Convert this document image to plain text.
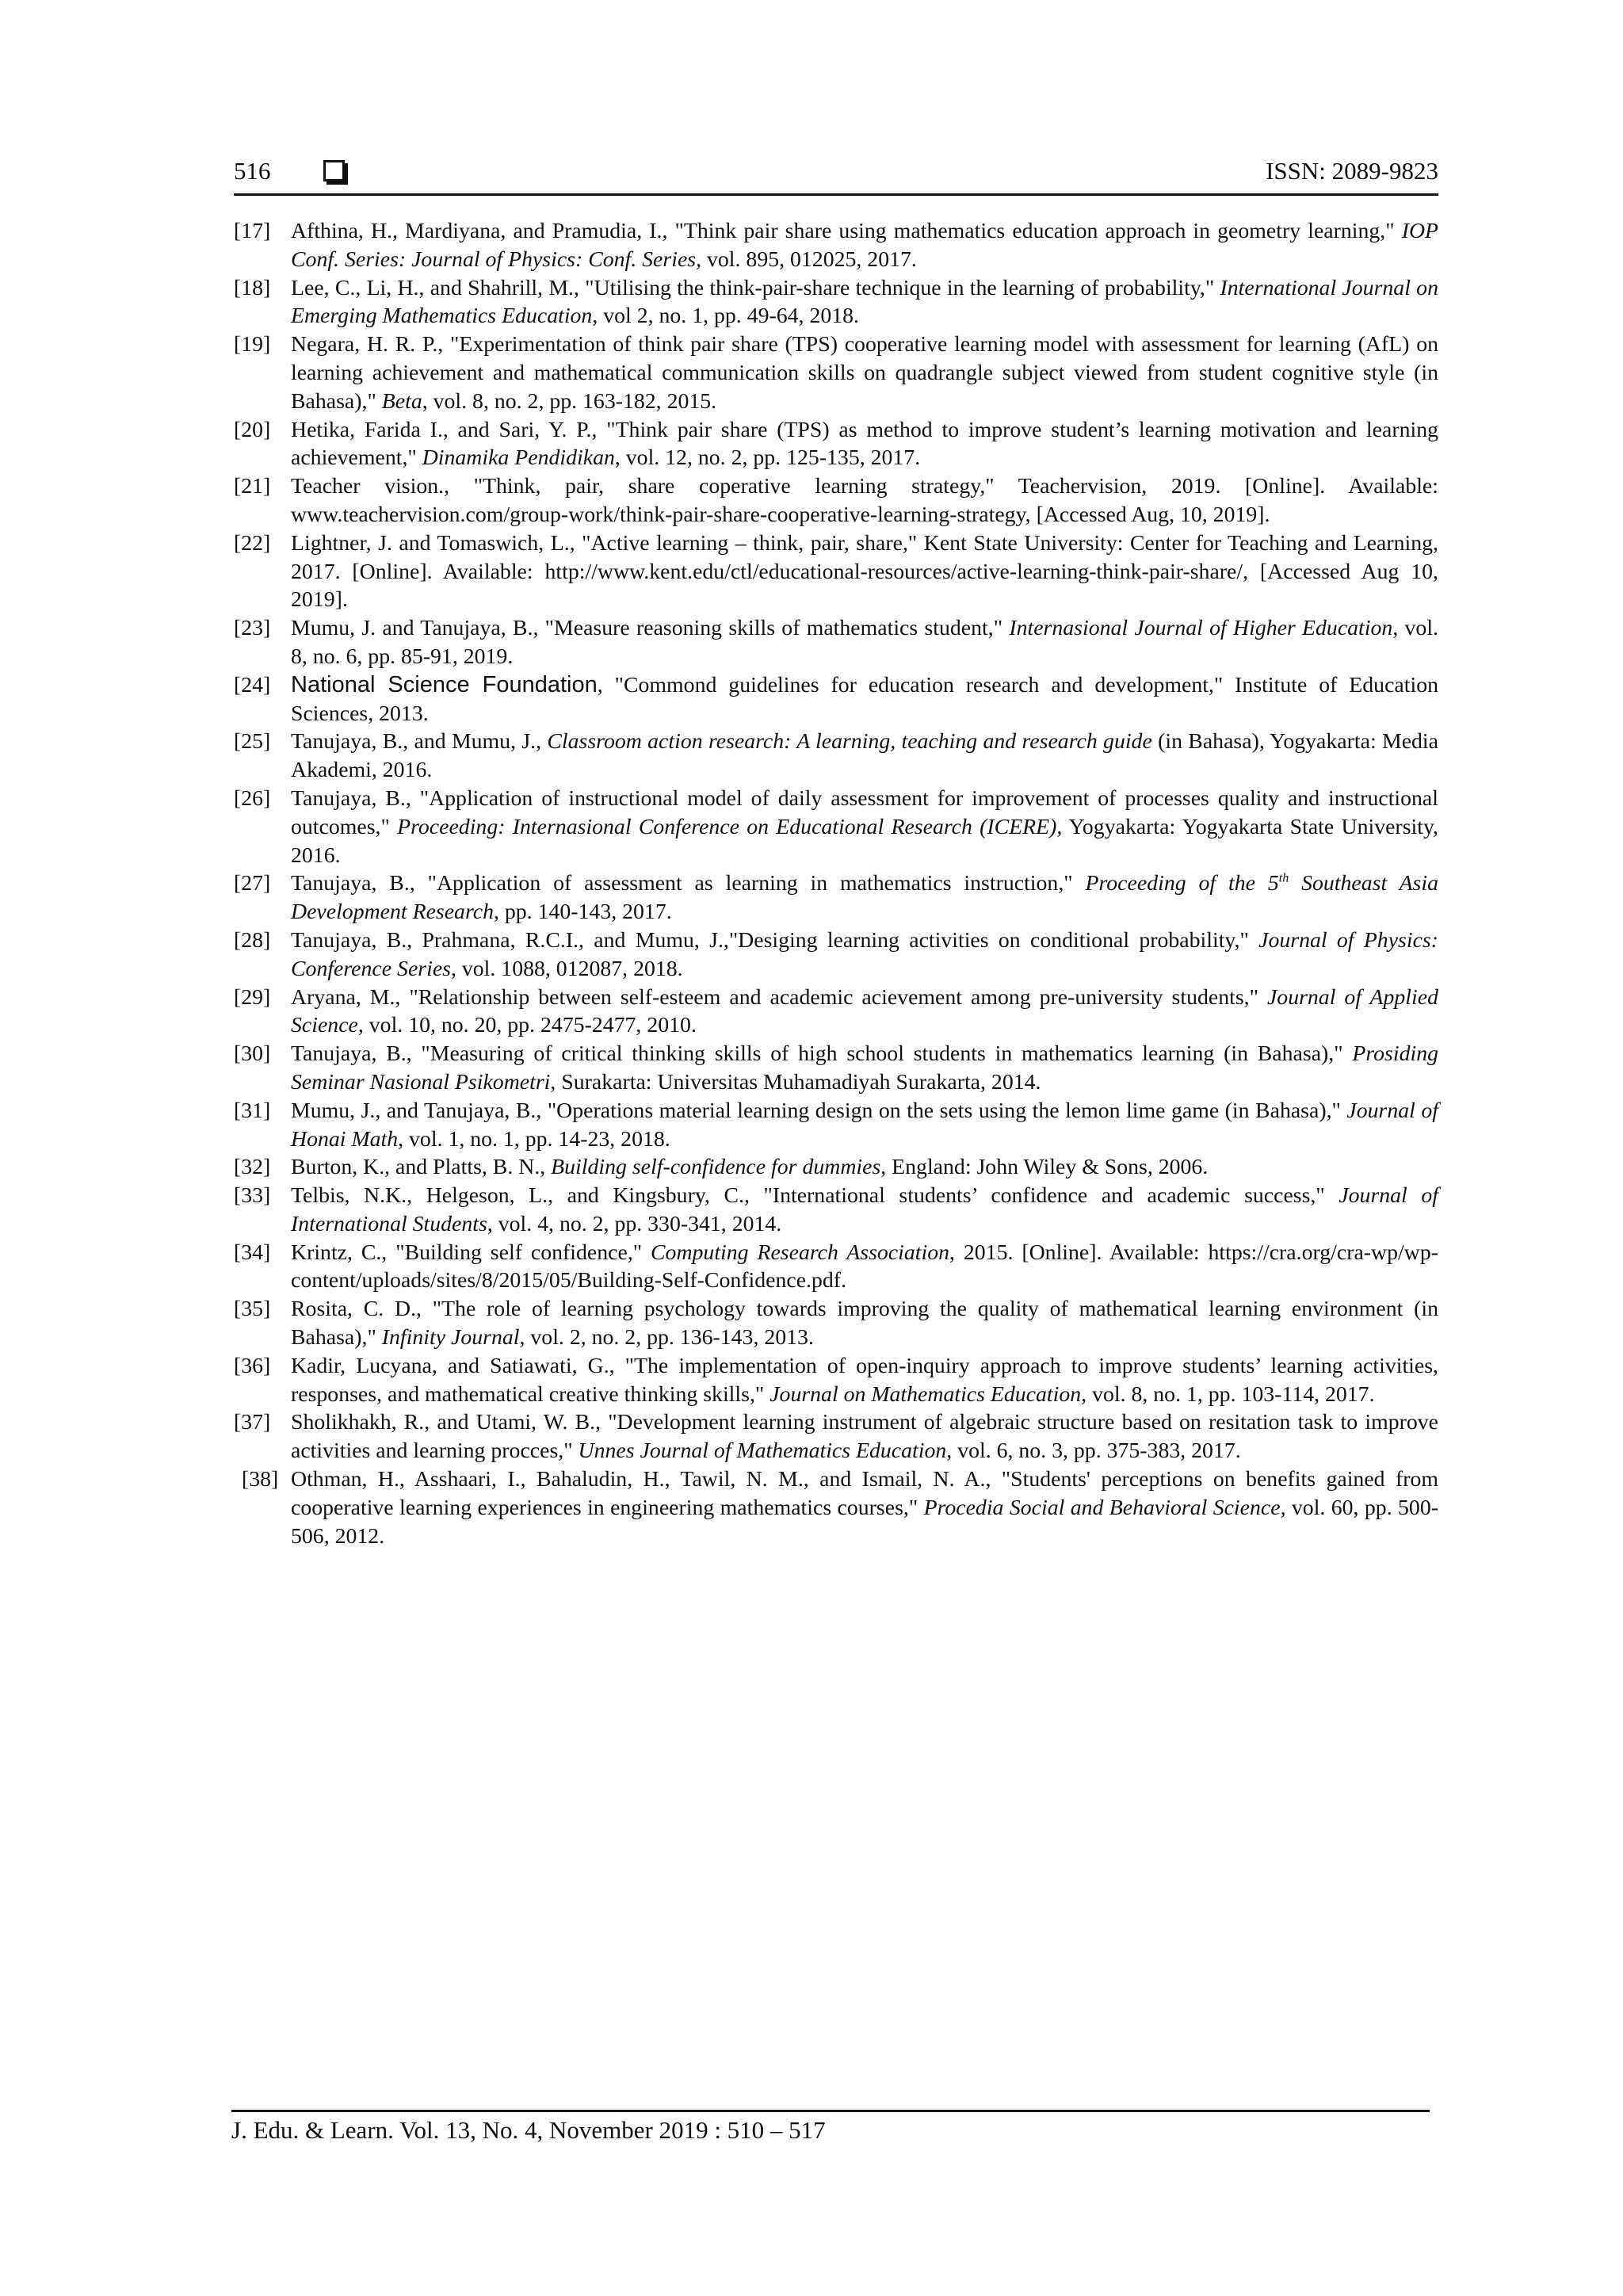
516	ISSN: 2089-9823
[17] Afthina, H., Mardiyana, and Pramudia, I., "Think pair share using mathematics education approach in geometry learning," IOP Conf. Series: Journal of Physics: Conf. Series, vol. 895, 012025, 2017.
[18] Lee, C., Li, H., and Shahrill, M., "Utilising the think-pair-share technique in the learning of probability," International Journal on Emerging Mathematics Education, vol 2, no. 1, pp. 49-64, 2018.
[19] Negara, H. R. P., "Experimentation of think pair share (TPS) cooperative learning model with assessment for learning (AfL) on learning achievement and mathematical communication skills on quadrangle subject viewed from student cognitive style (in Bahasa)," Beta, vol. 8, no. 2, pp. 163-182, 2015.
[20] Hetika, Farida I., and Sari, Y. P., "Think pair share (TPS) as method to improve student’s learning motivation and learning achievement," Dinamika Pendidikan, vol. 12, no. 2, pp. 125-135, 2017.
[21] Teacher vision., "Think, pair, share coperative learning strategy," Teachervision, 2019. [Online]. Available: www.teachervision.com/group-work/think-pair-share-cooperative-learning-strategy, [Accessed Aug, 10, 2019].
[22] Lightner, J. and Tomaswich, L., "Active learning – think, pair, share," Kent State University: Center for Teaching and Learning, 2017. [Online]. Available: http://www.kent.edu/ctl/educational-resources/active-learning-think-pair-share/, [Accessed Aug 10, 2019].
[23] Mumu, J. and Tanujaya, B., "Measure reasoning skills of mathematics student," Internasional Journal of Higher Education, vol. 8, no. 6, pp. 85-91, 2019.
[24] National Science Foundation, "Commond guidelines for education research and development," Institute of Education Sciences, 2013.
[25] Tanujaya, B., and Mumu, J., Classroom action research: A learning, teaching and research guide (in Bahasa), Yogyakarta: Media Akademi, 2016.
[26] Tanujaya, B., "Application of instructional model of daily assessment for improvement of processes quality and instructional outcomes," Proceeding: Internasional Conference on Educational Research (ICERE), Yogyakarta: Yogyakarta State University, 2016.
[27] Tanujaya, B., "Application of assessment as learning in mathematics instruction," Proceeding of the 5th Southeast Asia Development Research, pp. 140-143, 2017.
[28] Tanujaya, B., Prahmana, R.C.I., and Mumu, J.,"Desiging learning activities on conditional probability," Journal of Physics: Conference Series, vol. 1088, 012087, 2018.
[29] Aryana, M., "Relationship between self-esteem and academic acievement among pre-university students," Journal of Applied Science, vol. 10, no. 20, pp. 2475-2477, 2010.
[30] Tanujaya, B., "Measuring of critical thinking skills of high school students in mathematics learning (in Bahasa)," Prosiding Seminar Nasional Psikometri, Surakarta: Universitas Muhamadiyah Surakarta, 2014.
[31] Mumu, J., and Tanujaya, B., "Operations material learning design on the sets using the lemon lime game (in Bahasa)," Journal of Honai Math, vol. 1, no. 1, pp. 14-23, 2018.
[32] Burton, K., and Platts, B. N., Building self-confidence for dummies, England: John Wiley & Sons, 2006.
[33] Telbis, N.K., Helgeson, L., and Kingsbury, C., "International students’ confidence and academic success," Journal of International Students, vol. 4, no. 2, pp. 330-341, 2014.
[34] Krintz, C., "Building self confidence," Computing Research Association, 2015. [Online]. Available: https://cra.org/cra-wp/wp-content/uploads/sites/8/2015/05/Building-Self-Confidence.pdf.
[35] Rosita, C. D., "The role of learning psychology towards improving the quality of mathematical learning environment (in Bahasa)," Infinity Journal, vol. 2, no. 2, pp. 136-143, 2013.
[36] Kadir, Lucyana, and Satiawati, G., "The implementation of open-inquiry approach to improve students’ learning activities, responses, and mathematical creative thinking skills," Journal on Mathematics Education, vol. 8, no. 1, pp. 103-114, 2017.
[37] Sholikhakh, R., and Utami, W. B., "Development learning instrument of algebraic structure based on resitation task to improve activities and learning procces," Unnes Journal of Mathematics Education, vol. 6, no. 3, pp. 375-383, 2017.
[38] Othman, H., Asshaari, I., Bahaludin, H., Tawil, N. M., and Ismail, N. A., "Students' perceptions on benefits gained from cooperative learning experiences in engineering mathematics courses," Procedia Social and Behavioral Science, vol. 60, pp. 500-506, 2012.
J. Edu. & Learn. Vol. 13, No. 4, November 2019 : 510 – 517
